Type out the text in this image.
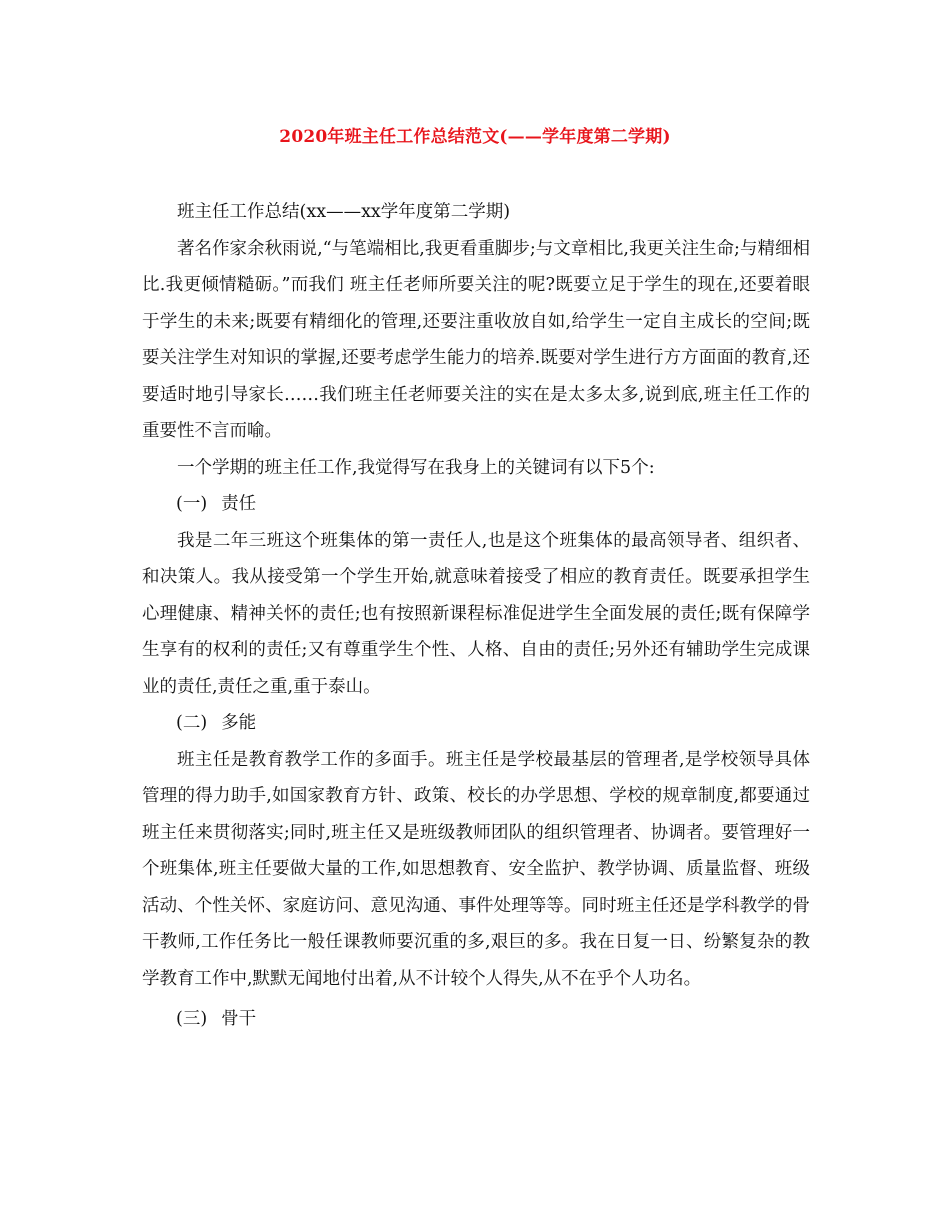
2020年班主任工作总结范文(——学年度第二学期)

班主任工作总结(xx——xx学年度第二学期)

著名作家余秋雨说,“与笔端相比,我更看重脚步;与文章相比,我更关注生命;与精细相比.我更倾情糙砺。”而我们 班主任老师所要关注的呢?既要立足于学生的现在,还要着眼于学生的未来;既要有精细化的管理,还要注重收放自如,给学生一定自主成长的空间;既要关注学生对知识的掌握,还要考虑学生能力的培养.既要对学生进行方方面面的教育,还要适时地引导家长……我们班主任老师要关注的实在是太多太多,说到底,班主任工作的重要性不言而喻。

一个学期的班主任工作,我觉得写在我身上的关键词有以下5个:

(一) 责任

我是二年三班这个班集体的第一责任人,也是这个班集体的最高领导者、组织者、和决策人。我从接受第一个学生开始,就意味着接受了相应的教育责任。既要承担学生心理健康、精神关怀的责任;也有按照新课程标准促进学生全面发展的责任;既有保障学生享有的权利的责任;又有尊重学生个性、人格、自由的责任;另外还有辅助学生完成课业的责任,责任之重,重于泰山。

(二) 多能

班主任是教育教学工作的多面手。班主任是学校最基层的管理者,是学校领导具体管理的得力助手,如国家教育方针、政策、校长的办学思想、学校的规章制度,都要通过班主任来贯彻落实;同时,班主任又是班级教师团队的组织管理者、协调者。要管理好一个班集体,班主任要做大量的工作,如思想教育、安全监护、教学协调、质量监督、班级活动、个性关怀、家庭访问、意见沟通、事件处理等等。同时班主任还是学科教学的骨干教师,工作任务比一般任课教师要沉重的多,艰巨的多。我在日复一日、纷繁复杂的教学教育工作中,默默无闻地付出着,从不计较个人得失,从不在乎个人功名。

(三) 骨干
